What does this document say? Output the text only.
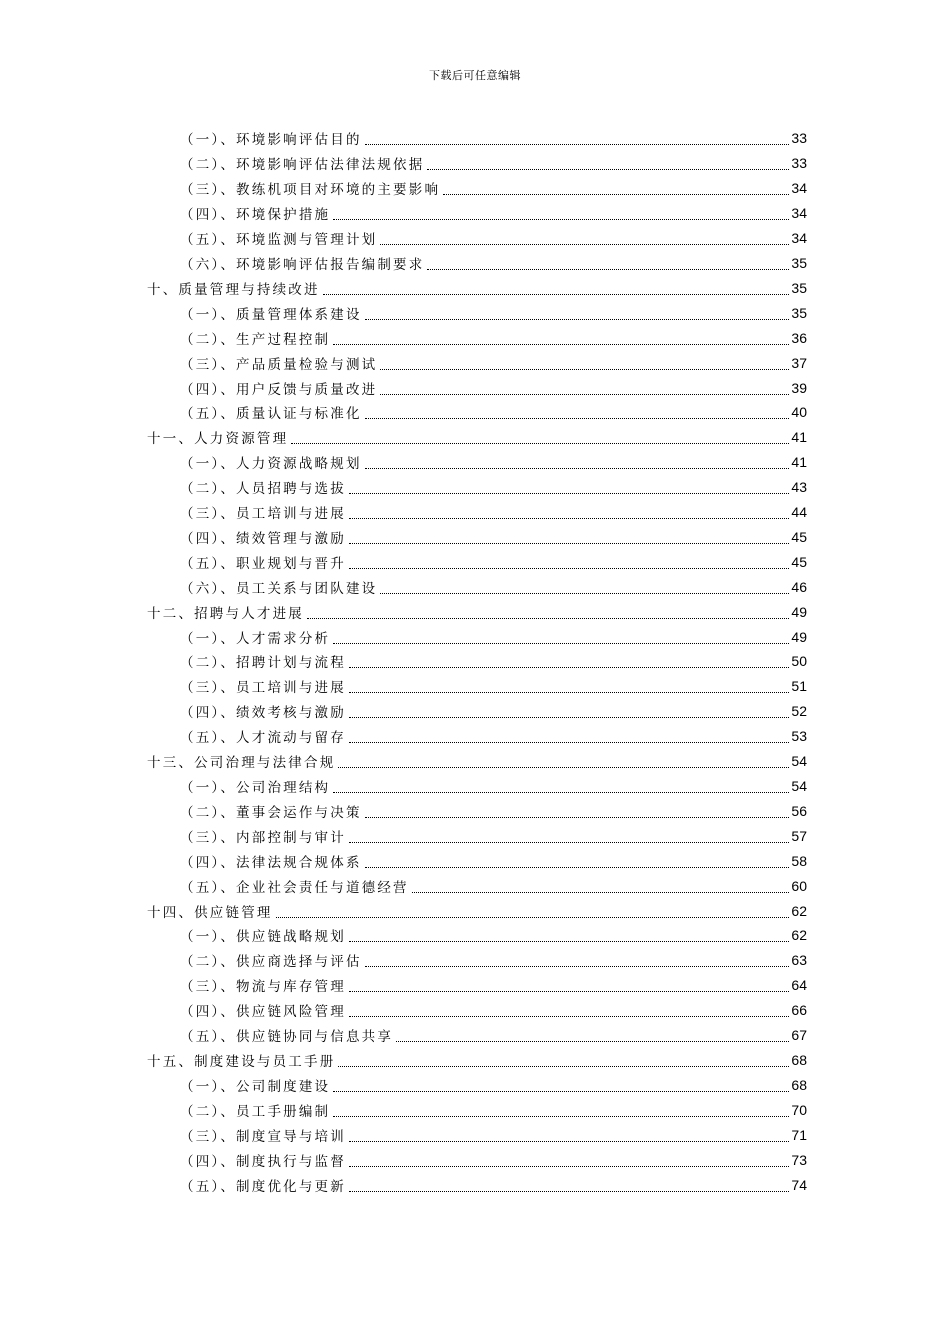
下载后可任意编辑
（一）、环境影响评估目的	33
（二）、环境影响评估法律法规依据	33
（三）、教练机项目对环境的主要影响	34
（四）、环境保护措施	34
（五）、环境监测与管理计划	34
（六）、环境影响评估报告编制要求	35
十、质量管理与持续改进	35
（一）、质量管理体系建设	35
（二）、生产过程控制	36
（三）、产品质量检验与测试	37
（四）、用户反馈与质量改进	39
（五）、质量认证与标准化	40
十一、人力资源管理	41
（一）、人力资源战略规划	41
（二）、人员招聘与选拔	43
（三）、员工培训与进展	44
（四）、绩效管理与激励	45
（五）、职业规划与晋升	45
（六）、员工关系与团队建设	46
十二、招聘与人才进展	49
（一）、人才需求分析	49
（二）、招聘计划与流程	50
（三）、员工培训与进展	51
（四）、绩效考核与激励	52
（五）、人才流动与留存	53
十三、公司治理与法律合规	54
（一）、公司治理结构	54
（二）、董事会运作与决策	56
（三）、内部控制与审计	57
（四）、法律法规合规体系	58
（五）、企业社会责任与道德经营	60
十四、供应链管理	62
（一）、供应链战略规划	62
（二）、供应商选择与评估	63
（三）、物流与库存管理	64
（四）、供应链风险管理	66
（五）、供应链协同与信息共享	67
十五、制度建设与员工手册	68
（一）、公司制度建设	68
（二）、员工手册编制	70
（三）、制度宣导与培训	71
（四）、制度执行与监督	73
（五）、制度优化与更新	74
